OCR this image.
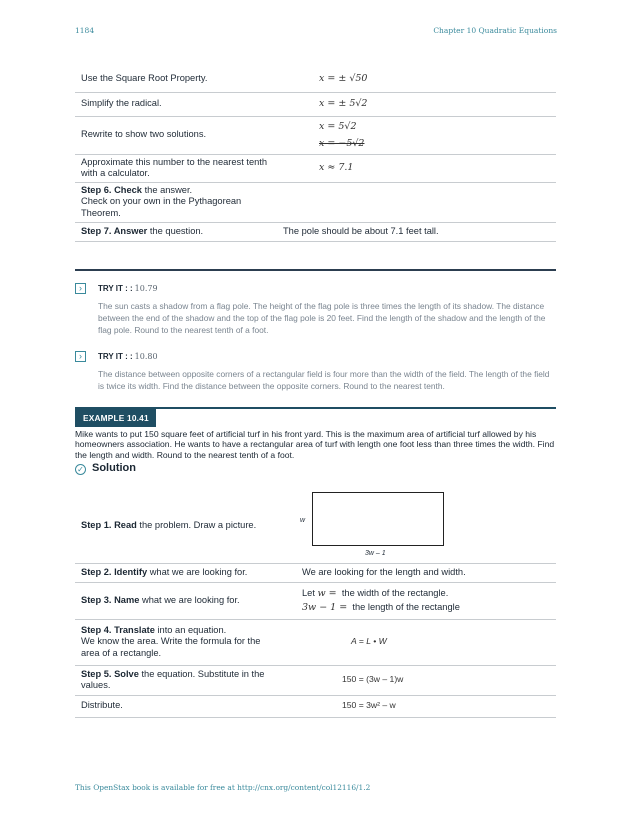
1184	Chapter 10 Quadratic Equations
Use the Square Root Property.	x = ± √50
Simplify the radical.	x = ± 5√2
Rewrite to show two solutions.	x = 5√2
x = −5√2

Approximate this number to the nearest tenth with a calculator.	x ≈ 7.1
Step 6. Check the answer.
Check on your own in the Pythagorean Theorem.	

Step 7. Answer the question.	The pole should be about 7.1 feet tall.
›	TRY IT : : 10.79
The sun casts a shadow from a flag pole. The height of the flag pole is three times the length of its shadow. The distance between the end of the shadow and the top of the flag pole is 20 feet. Find the length of the shadow and the length of the flag pole. Round to the nearest tenth of a foot.
›	TRY IT : : 10.80
The distance between opposite corners of a rectangular field is four more than the width of the field. The length of the field is twice its width. Find the distance between the opposite corners. Round to the nearest tenth.
EXAMPLE 10.41
Mike wants to put 150 square feet of artificial turf in his front yard. This is the maximum area of artificial turf allowed by his homeowners association. He wants to have a rectangular area of turf with length one foot less than three times the width. Find the length and width. Round to the nearest tenth of a foot.
✓ Solution
Step 1. Read the problem. Draw a picture.	w
3w – 1

Step 2. Identify what we are looking for.	We are looking for the length and width.
Step 3. Name what we are looking for.	Let w = the width of the rectangle.
3w − 1 = the length of the rectangle

Step 4. Translate into an equation.
We know the area. Write the formula for the area of a rectangle.	A = L • W
Step 5. Solve the equation. Substitute in the values.	150 = (3w – 1)w
Distribute.	150 = 3w² – w
This OpenStax book is available for free at http://cnx.org/content/col12116/1.2
